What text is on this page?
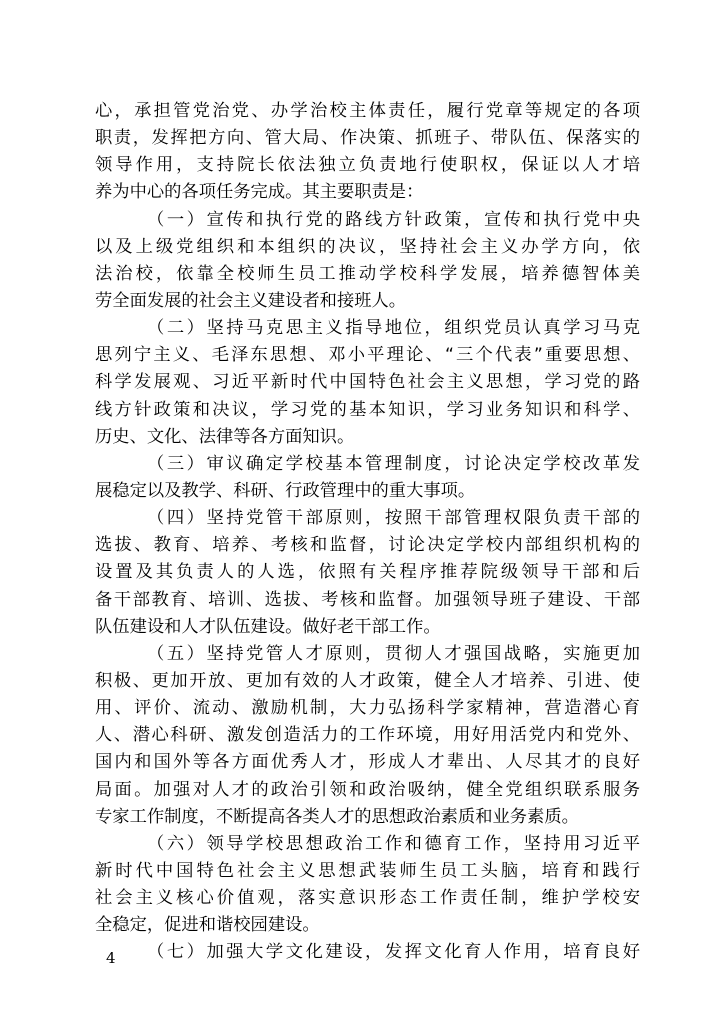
心，承担管党治党、办学治校主体责任，履行党章等规定的各项
职责，发挥把方向、管大局、作决策、抓班子、带队伍、保落实的
领导作用，支持院长依法独立负责地行使职权，保证以人才培
养为中心的各项任务完成。其主要职责是：
（一）宣传和执行党的路线方针政策，宣传和执行党中央
以及上级党组织和本组织的决议，坚持社会主义办学方向，依
法治校，依靠全校师生员工推动学校科学发展，培养德智体美
劳全面发展的社会主义建设者和接班人。
（二）坚持马克思主义指导地位，组织党员认真学习马克
思列宁主义、毛泽东思想、邓小平理论、“三个代表”重要思想、
科学发展观、习近平新时代中国特色社会主义思想，学习党的路
线方针政策和决议，学习党的基本知识，学习业务知识和科学、
历史、文化、法律等各方面知识。
（三）审议确定学校基本管理制度，讨论决定学校改革发
展稳定以及教学、科研、行政管理中的重大事项。
（四）坚持党管干部原则，按照干部管理权限负责干部的
选拔、教育、培养、考核和监督，讨论决定学校内部组织机构的
设置及其负责人的人选，依照有关程序推荐院级领导干部和后
备干部教育、培训、选拔、考核和监督。加强领导班子建设、干部
队伍建设和人才队伍建设。做好老干部工作。
（五）坚持党管人才原则，贯彻人才强国战略，实施更加
积极、更加开放、更加有效的人才政策，健全人才培养、引进、使
用、评价、流动、激励机制，大力弘扬科学家精神，营造潜心育
人、潜心科研、激发创造活力的工作环境，用好用活党内和党外、
国内和国外等各方面优秀人才，形成人才辈出、人尽其才的良好
局面。加强对人才的政治引领和政治吸纳，健全党组织联系服务
专家工作制度，不断提高各类人才的思想政治素质和业务素质。
（六）领导学校思想政治工作和德育工作，坚持用习近平
新时代中国特色社会主义思想武装师生员工头脑，培育和践行
社会主义核心价值观，落实意识形态工作责任制，维护学校安
全稳定，促进和谐校园建设。
（七）加强大学文化建设，发挥文化育人作用，培育良好
4
